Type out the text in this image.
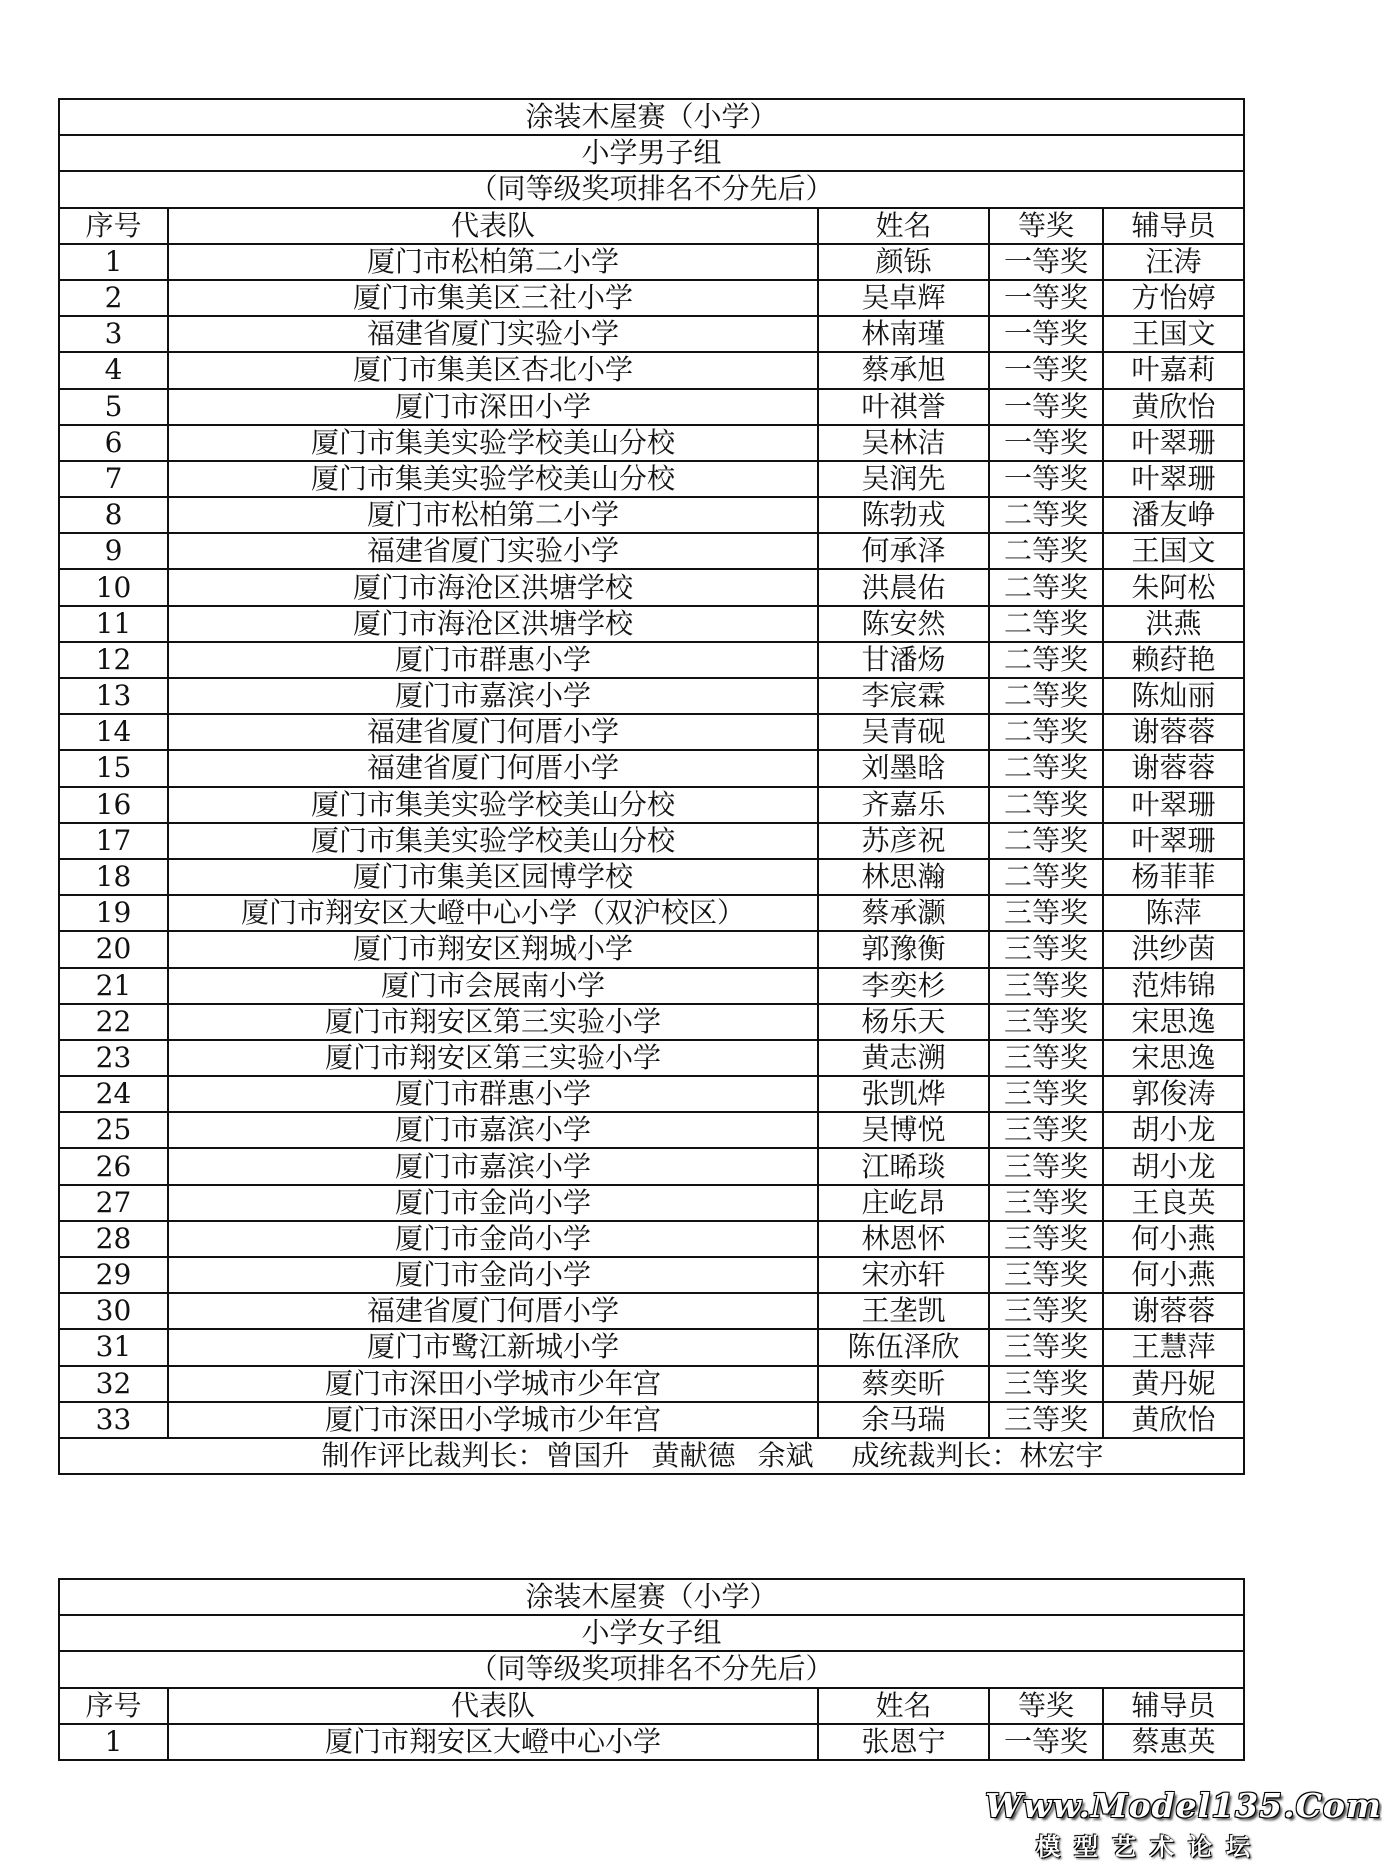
涂装木屋赛（小学）				
小学男子组				
（同等级奖项排名不分先后）				
序号	代表队	姓名	等奖	辅导员
1	厦门市松柏第二小学	颜铄	一等奖	汪涛
2	厦门市集美区三社小学	吴卓辉	一等奖	方怡婷
3	福建省厦门实验小学	林南瑾	一等奖	王国文
4	厦门市集美区杏北小学	蔡承旭	一等奖	叶嘉莉
5	厦门市深田小学	叶祺誉	一等奖	黄欣怡
6	厦门市集美实验学校美山分校	吴林洁	一等奖	叶翠珊
7	厦门市集美实验学校美山分校	吴润先	一等奖	叶翠珊
8	厦门市松柏第二小学	陈勃戎	二等奖	潘友峥
9	福建省厦门实验小学	何承泽	二等奖	王国文
10	厦门市海沧区洪塘学校	洪晨佑	二等奖	朱阿松
11	厦门市海沧区洪塘学校	陈安然	二等奖	洪燕
12	厦门市群惠小学	甘潘炀	二等奖	赖荮艳
13	厦门市嘉滨小学	李宸霖	二等奖	陈灿丽
14	福建省厦门何厝小学	吴青砚	二等奖	谢蓉蓉
15	福建省厦门何厝小学	刘墨晗	二等奖	谢蓉蓉
16	厦门市集美实验学校美山分校	齐嘉乐	二等奖	叶翠珊
17	厦门市集美实验学校美山分校	苏彦祝	二等奖	叶翠珊
18	厦门市集美区园博学校	林思瀚	二等奖	杨菲菲
19	厦门市翔安区大嶝中心小学（双沪校区）	蔡承灏	三等奖	陈萍
20	厦门市翔安区翔城小学	郭豫衡	三等奖	洪纱茵
21	厦门市会展南小学	李奕杉	三等奖	范炜锦
22	厦门市翔安区第三实验小学	杨乐天	三等奖	宋思逸
23	厦门市翔安区第三实验小学	黄志溯	三等奖	宋思逸
24	厦门市群惠小学	张凯烨	三等奖	郭俊涛
25	厦门市嘉滨小学	吴博悦	三等奖	胡小龙
26	厦门市嘉滨小学	江晞琰	三等奖	胡小龙
27	厦门市金尚小学	庄屹昂	三等奖	王良英
28	厦门市金尚小学	林恩怀	三等奖	何小燕
29	厦门市金尚小学	宋亦轩	三等奖	何小燕
30	福建省厦门何厝小学	王垄凯	三等奖	谢蓉蓉
31	厦门市鹭江新城小学	陈伍泽欣	三等奖	王慧萍
32	厦门市深田小学城市少年宫	蔡奕昕	三等奖	黄丹妮
33	厦门市深田小学城市少年宫	余马瑞	三等奖	黄欣怡
制作评比裁判长：曾国升 黄献德 余斌 成统裁判长：林宏宇				
涂装木屋赛（小学）				
小学女子组				
（同等级奖项排名不分先后）				
序号	代表队	姓名	等奖	辅导员
1	厦门市翔安区大嶝中心小学	张恩宁	一等奖	蔡惠英
Www.Model135.Com
模型艺术论坛
